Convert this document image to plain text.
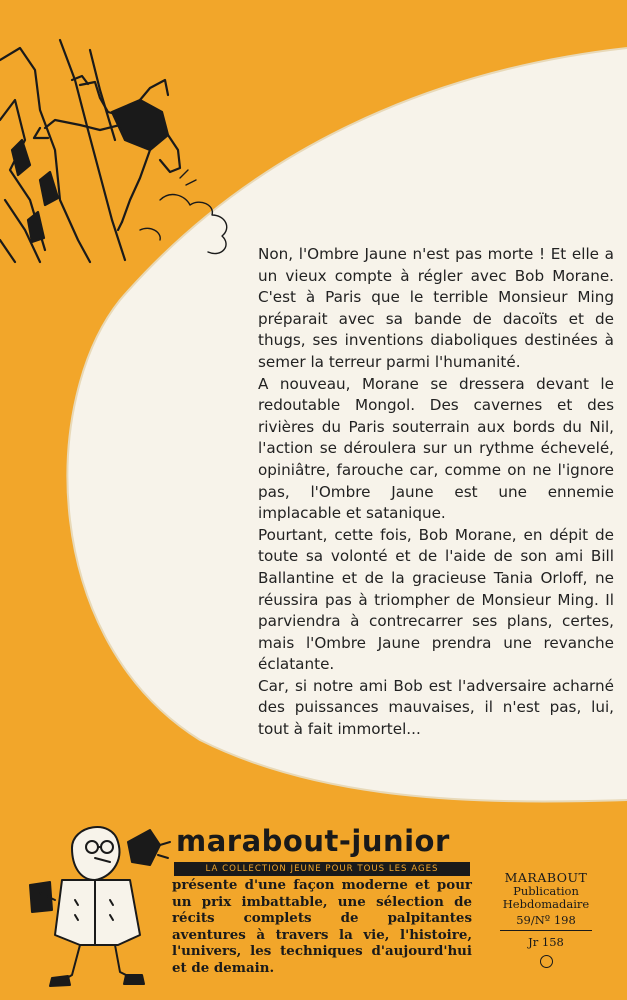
Non, l'Ombre Jaune n'est pas morte ! Et elle a un vieux compte à régler avec Bob Morane. C'est à Paris que le terrible Monsieur Ming préparait avec sa bande de dacoïts et de thugs, ses inventions diaboliques destinées à semer la terreur parmi l'humanité.

A nouveau, Morane se dressera devant le redoutable Mongol. Des cavernes et des rivières du Paris souterrain aux bords du Nil, l'action se déroulera sur un rythme échevelé, opiniâtre, farouche car, comme on ne l'ignore pas, l'Ombre Jaune est une ennemie implacable et satanique.

Pourtant, cette fois, Bob Morane, en dépit de toute sa volonté et de l'aide de son ami Bill Ballantine et de la gracieuse Tania Orloff, ne réussira pas à triompher de Monsieur Ming. Il parviendra à contrecarrer ses plans, certes, mais l'Ombre Jaune prendra une revanche éclatante.

Car, si notre ami Bob est l'adversaire acharné des puissances mauvaises, il n'est pas, lui, tout à fait immortel...

marabout-junior
LA COLLECTION JEUNE POUR TOUS LES AGES
présente d'une façon moderne et pour un prix imbattable, une sélection de récits complets de palpitantes aventures à travers la vie, l'histoire, l'univers, les techniques d'aujourd'hui et de demain.
MARABOUT
Publication
Hebdomadaire
59/Nº 198
Jr 158
